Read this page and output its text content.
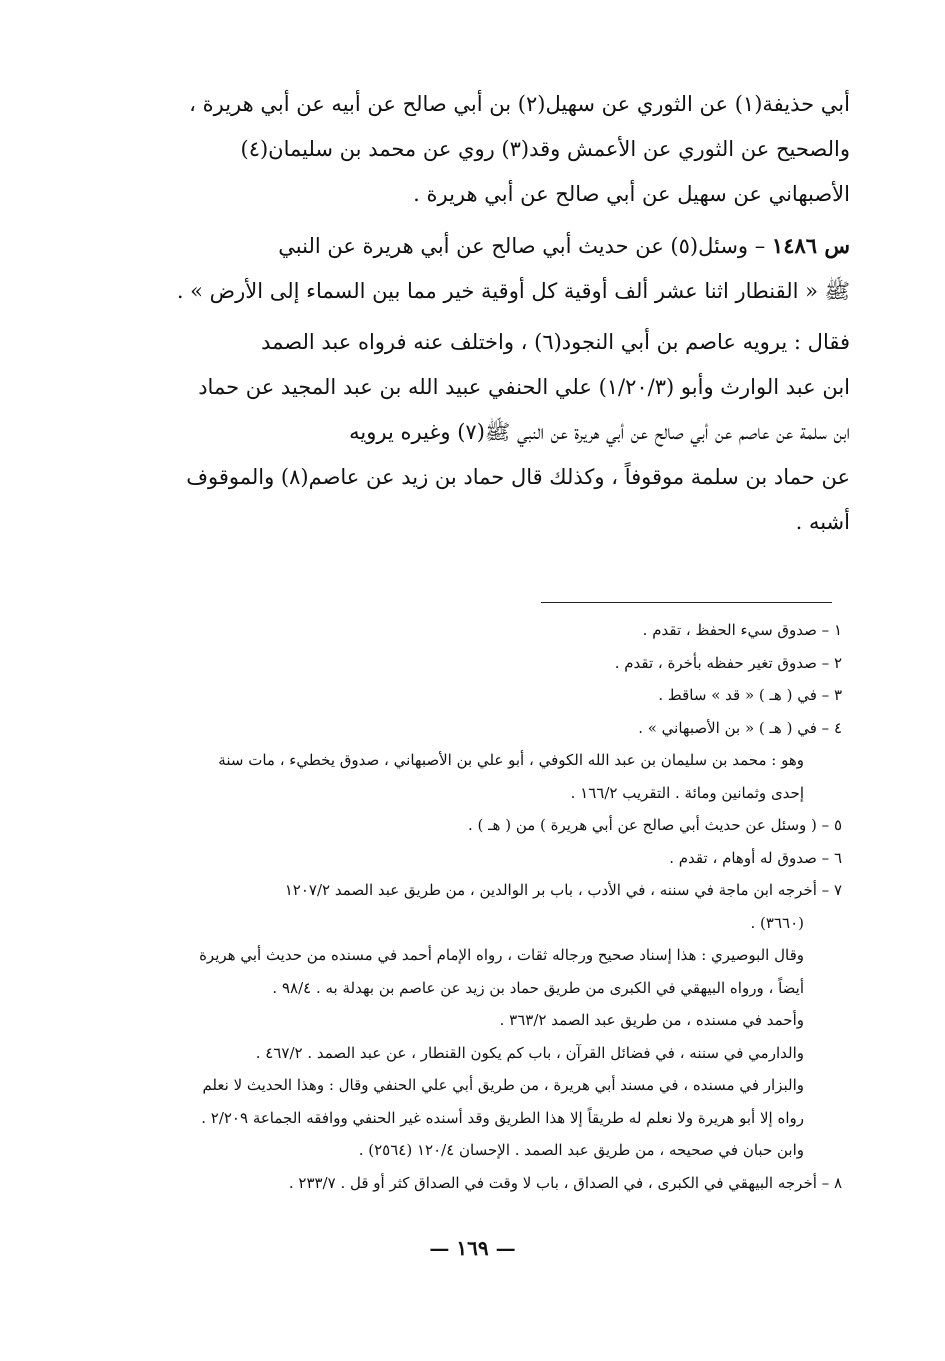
أبي حذيفة(١) عن الثوري عن سهيل(٢) بن أبي صالح عن أبيه عن أبي هريرة ،

والصحيح عن الثوري عن الأعمش وقد(٣) روي عن محمد بن سليمان(٤)

الأصبهاني عن سهيل عن أبي صالح عن أبي هريرة .

س ١٤٨٦ – وسئل(٥) عن حديث أبي صالح عن أبي هريرة عن النبي

ﷺ « القنطار اثنا عشر ألف أوقية كل أوقية خير مما بين السماء إلى الأرض » .

فقال : يرويه عاصم بن أبي النجود(٦) ، واختلف عنه فرواه عبد الصمد

ابن عبد الوارث وأبو (١/٢٠/٣) علي الحنفي عبيد الله بن عبد المجيد عن حماد

ابن سلمة عن عاصم عن أبي صالح عن أبي هريرة عن النبي ﷺ(٧) وغيره يرويه

عن حماد بن سلمة موقوفاً ، وكذلك قال حماد بن زيد عن عاصم(٨) والموقوف

أشبه .

١ – صدوق سيء الحفظ ، تقدم .

٢ – صدوق تغير حفظه بأخرة ، تقدم .

٣ – في ( هـ ) « قد » ساقط .

٤ – في ( هـ ) « بن الأصبهاني » .

وهو : محمد بن سليمان بن عبد الله الكوفي ، أبو علي بن الأصبهاني ، صدوق يخطيء ، مات سنة

إحدى وثمانين ومائة . التقريب ١٦٦/٢ .

٥ – ( وسئل عن حديث أبي صالح عن أبي هريرة ) من ( هـ ) .

٦ – صدوق له أوهام ، تقدم .

٧ – أخرجه ابن ماجة في سننه ، في الأدب ، باب بر الوالدين ، من طريق عبد الصمد ١٢٠٧/٢

(٣٦٦٠) .

وقال البوصيري : هذا إسناد صحيح ورجاله ثقات ، رواه الإمام أحمد في مسنده من حديث أبي هريرة

أيضاً ، ورواه البيهقي في الكبرى من طريق حماد بن زيد عن عاصم بن بهدلة به . ٩٨/٤ .

وأحمد في مسنده ، من طريق عبد الصمد ٣٦٣/٢ .

والدارمي في سننه ، في فضائل القرآن ، باب كم يكون القنطار ، عن عبد الصمد . ٤٦٧/٢ .

والبزار في مسنده ، في مسند أبي هريرة ، من طريق أبي علي الحنفي وقال : وهذا الحديث لا نعلم

رواه إلا أبو هريرة ولا نعلم له طريقاً إلا هذا الطريق وقد أسنده غير الحنفي ووافقه الجماعة ٢/٢٠٩ .

وابن حبان في صحيحه ، من طريق عبد الصمد . الإحسان ١٢٠/٤ (٢٥٦٤) .

٨ – أخرجه البيهقي في الكبرى ، في الصداق ، باب لا وقت في الصداق كثر أو قل . ٢٣٣/٧ .

— ١٦٩ —
